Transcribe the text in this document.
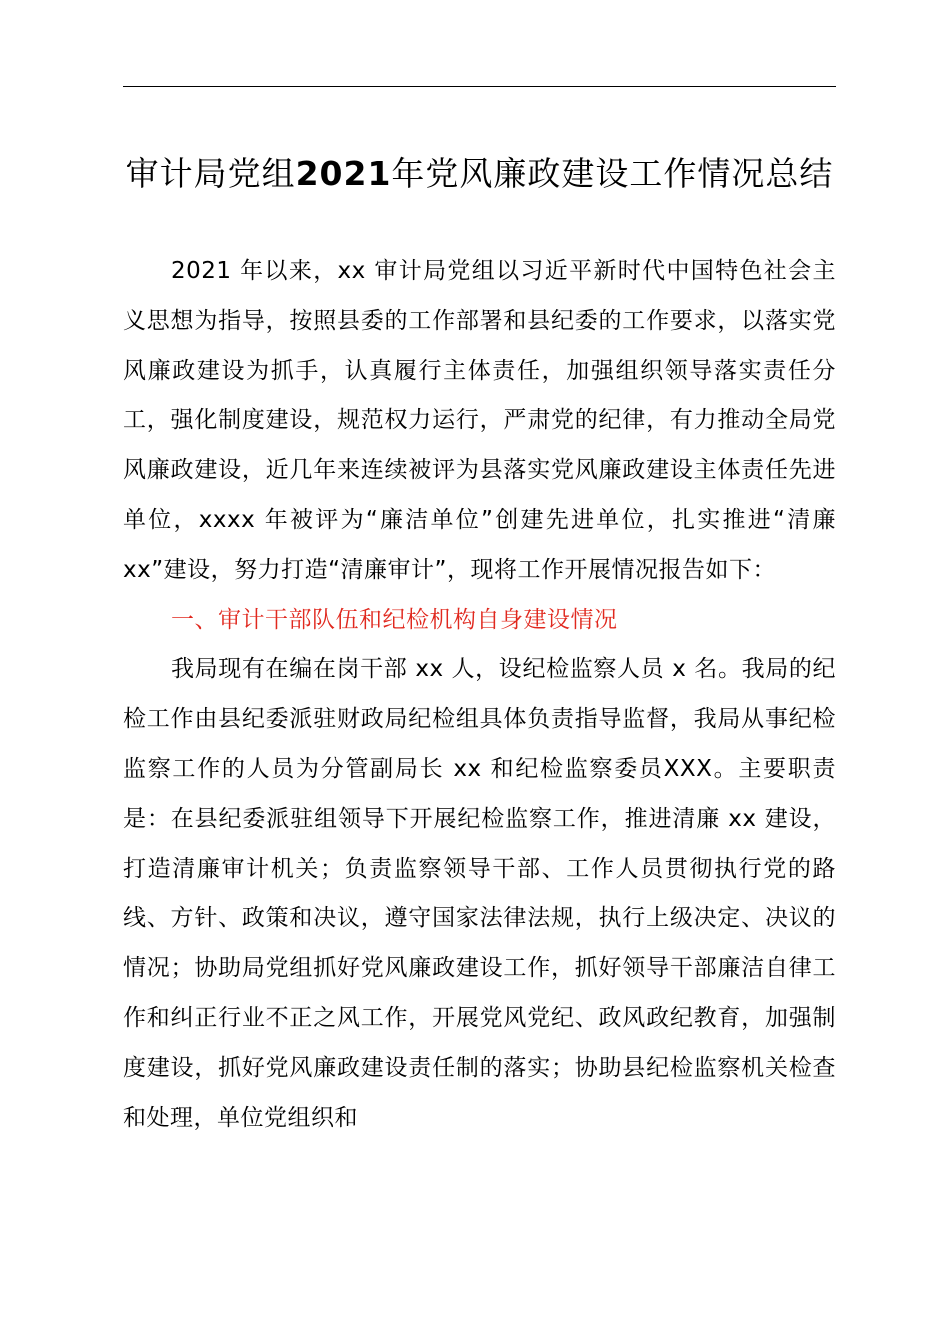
审计局党组2021年党风廉政建设工作情况总结

2021 年以来，xx 审计局党组以习近平新时代中国特色社会主义思想为指导，按照县委的工作部署和县纪委的工作要求，以落实党风廉政建设为抓手，认真履行主体责任，加强组织领导落实责任分工，强化制度建设，规范权力运行，严肃党的纪律，有力推动全局党风廉政建设，近几年来连续被评为县落实党风廉政建设主体责任先进单位，xxxx 年被评为“廉洁单位”创建先进单位，扎实推进“清廉 xx”建设，努力打造“清廉审计”，现将工作开展情况报告如下：

一、审计干部队伍和纪检机构自身建设情况

我局现有在编在岗干部 xx 人，设纪检监察人员 x 名。我局的纪检工作由县纪委派驻财政局纪检组具体负责指导监督，我局从事纪检监察工作的人员为分管副局长 xx 和纪检监察委员XXX。主要职责是：在县纪委派驻组领导下开展纪检监察工作，推进清廉 xx 建设，打造清廉审计机关；负责监察领导干部、工作人员贯彻执行党的路线、方针、政策和决议，遵守国家法律法规，执行上级决定、决议的情况；协助局党组抓好党风廉政建设工作，抓好领导干部廉洁自律工作和纠正行业不正之风工作，开展党风党纪、政风政纪教育，加强制度建设，抓好党风廉政建设责任制的落实；协助县纪检监察机关检查和处理，单位党组织和
